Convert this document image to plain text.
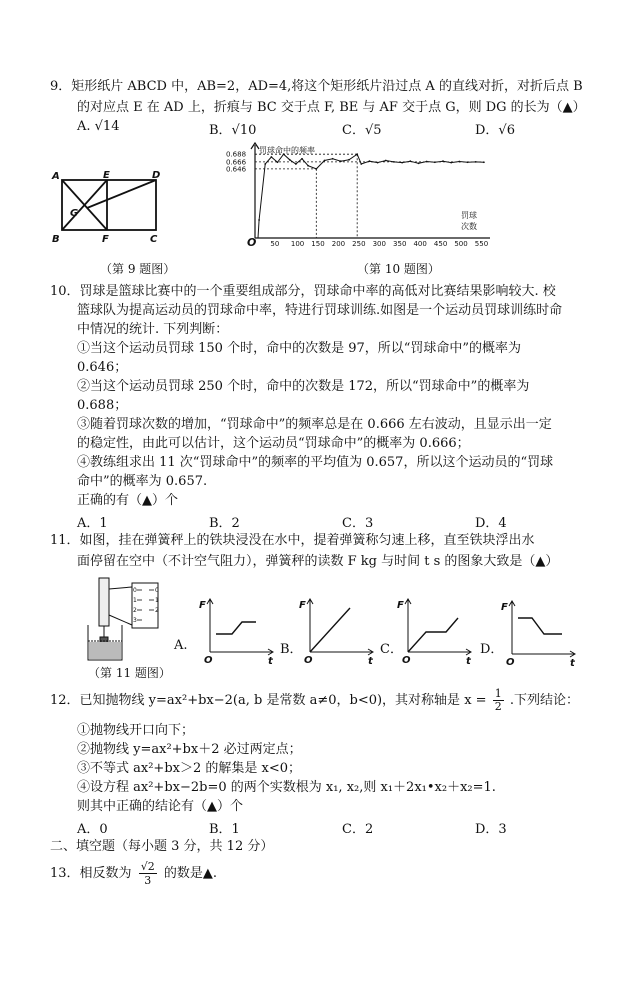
9．矩形纸片 ABCD 中，AB=2，AD=4,将这个矩形纸片沿过点 A 的直线对折，对折后点 B
的对应点 E 在 AD 上，折痕与 BC 交于点 F, BE 与 AF 交于点 G，则 DG 的长为（▲）
A. √14	B．√10	C．√5	D．√6
A	E	D
G
B	F	C
（第 9 题图）
0.688
0.666
0.646
50 100 150 200 250 300 350 400 450 500 550
罚球命中的频率
罚球
次数
O
（第 10 题图）
10．罚球是篮球比赛中的一个重要组成部分，罚球命中率的高低对比赛结果影响较大. 校
篮球队为提高运动员的罚球命中率，特进行罚球训练.如图是一个运动员罚球训练时命
中情况的统计. 下列判断：
①当这个运动员罚球 150 个时，命中的次数是 97，所以“罚球命中”的概率为
0.646；
②当这个运动员罚球 250 个时，命中的次数是 172，所以“罚球命中”的概率为
0.688；
③随着罚球次数的增加，“罚球命中”的频率总是在 0.666 左右波动，且显示出一定
的稳定性，由此可以估计，这个运动员“罚球命中”的概率为 0.666；
④教练组求出 11 次“罚球命中”的频率的平均值为 0.657，所以这个运动员的“罚球
命中”的概率为 0.657.
正确的有（▲）个
A．1	B．2	C．3	D．4
11．如图，挂在弹簧秤上的铁块浸没在水中，提着弹簧称匀速上移，直至铁块浮出水
面停留在空中（不计空气阻力），弹簧秤的读数 F kg 与时间 t s 的图象大致是（▲）
0
1
2
3
0
1
2
（第 11 题图）
A.
F
O	t
B．
F
O	t
C．
F
O	t
D．
F
O	t
12．已知抛物线 y=ax²+bx−2(a, b 是常数 a≠0，b<0)，其对称轴是 $x = \frac{1}{2}$ .下列结论：
①抛物线开口向下；
②抛物线 y=ax²+bx＋2 必过两定点；
③不等式 ax²+bx＞2 的解集是 x<0；
④设方程 ax²+bx−2b=0 的两个实数根为 x₁, x₂,则 x₁＋2x₁•x₂＋x₂=1.
则其中正确的结论有（▲）个
A．0	B．1	C．2	D．3
二、填空题（每小题 3 分，共 12 分）
13．相反数为 $\frac{√2}{3}$ 的数是▲.
